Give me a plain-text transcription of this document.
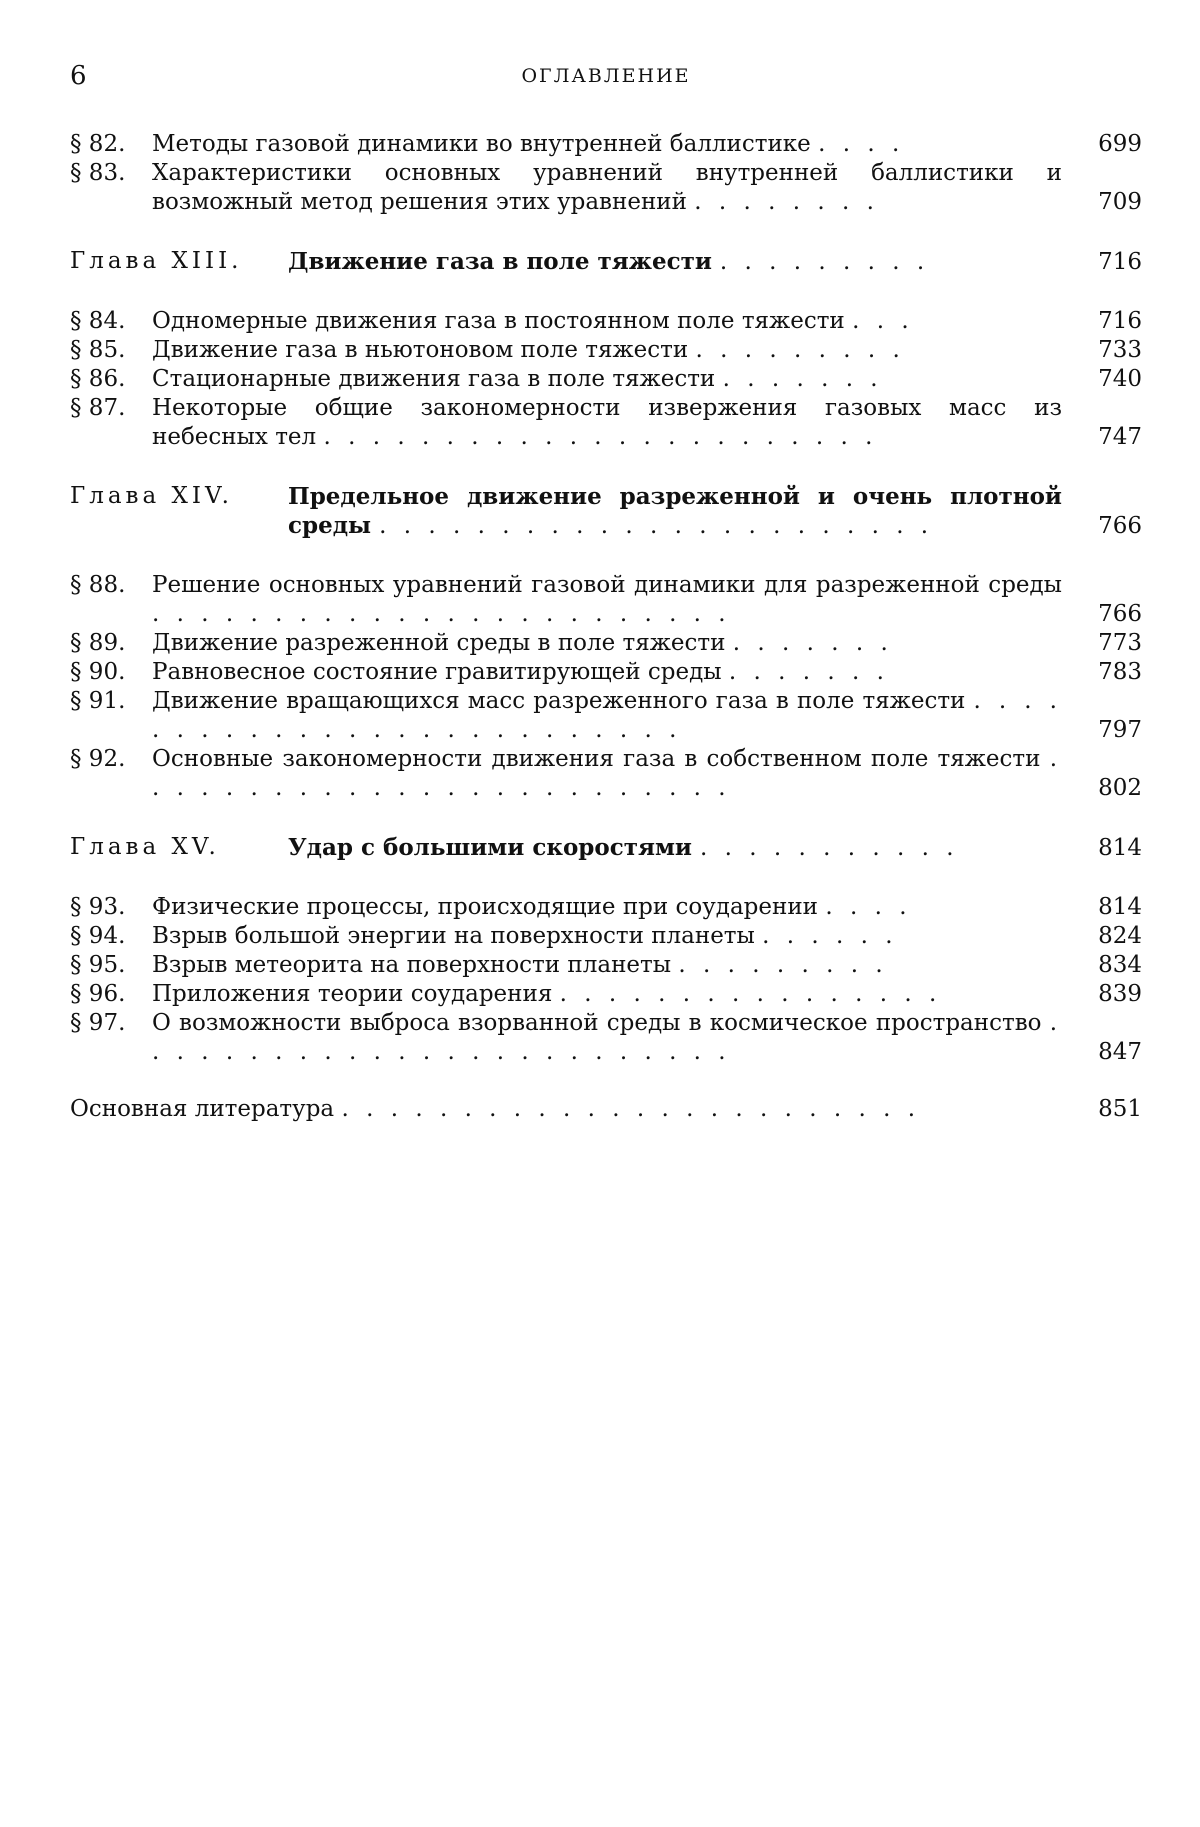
6	ОГЛАВЛЕНИЕ
§ 82.	Методы газовой динамики во внутренней баллистике . . . .	699
§ 83.	Характеристики основных уравнений внутренней баллистики и возможный метод решения этих уравнений . . . . . . . .	709
Глава XIII. Движение газа в поле тяжести . . . . . . . . .	716
§ 84.	Одномерные движения газа в постоянном поле тяжести . . .	716
§ 85.	Движение газа в ньютоновом поле тяжести . . . . . . . . .	733
§ 86.	Стационарные движения газа в поле тяжести . . . . . . .	740
§ 87.	Некоторые общие закономерности извержения газовых масс из небесных тел . . . . . . . . . . . . . . . . . . . . . . .	747
Глава XIV. Предельное движение разреженной и очень плотной среды . . . . . . . . . . . . . . . . . . . . . . .	766
§ 88.	Решение основных уравнений газовой динамики для разреженной среды . . . . . . . . . . . . . . . . . . . . . . . .	766
§ 89.	Движение разреженной среды в поле тяжести . . . . . . .	773
§ 90.	Равновесное состояние гравитирующей среды . . . . . . .	783
§ 91.	Движение вращающихся масс разреженного газа в поле тяжести . . . . . . . . . . . . . . . . . . . . . . . . . .	797
§ 92.	Основные закономерности движения газа в собственном поле тяжести . . . . . . . . . . . . . . . . . . . . . . . . .	802
Глава XV.	Удар с большими скоростями . . . . . . . . . . .	814
§ 93.	Физические процессы, происходящие при соударении . . . .	814
§ 94.	Взрыв большой энергии на поверхности планеты . . . . . .	824
§ 95.	Взрыв метеорита на поверхности планеты . . . . . . . . .	834
§ 96.	Приложения теории соударения . . . . . . . . . . . . . . . .	839
§ 97.	О возможности выброса взорванной среды в космическое пространство . . . . . . . . . . . . . . . . . . . . . . . . .	847
Основная литература . . . . . . . . . . . . . . . . . . . . . . . .	851
